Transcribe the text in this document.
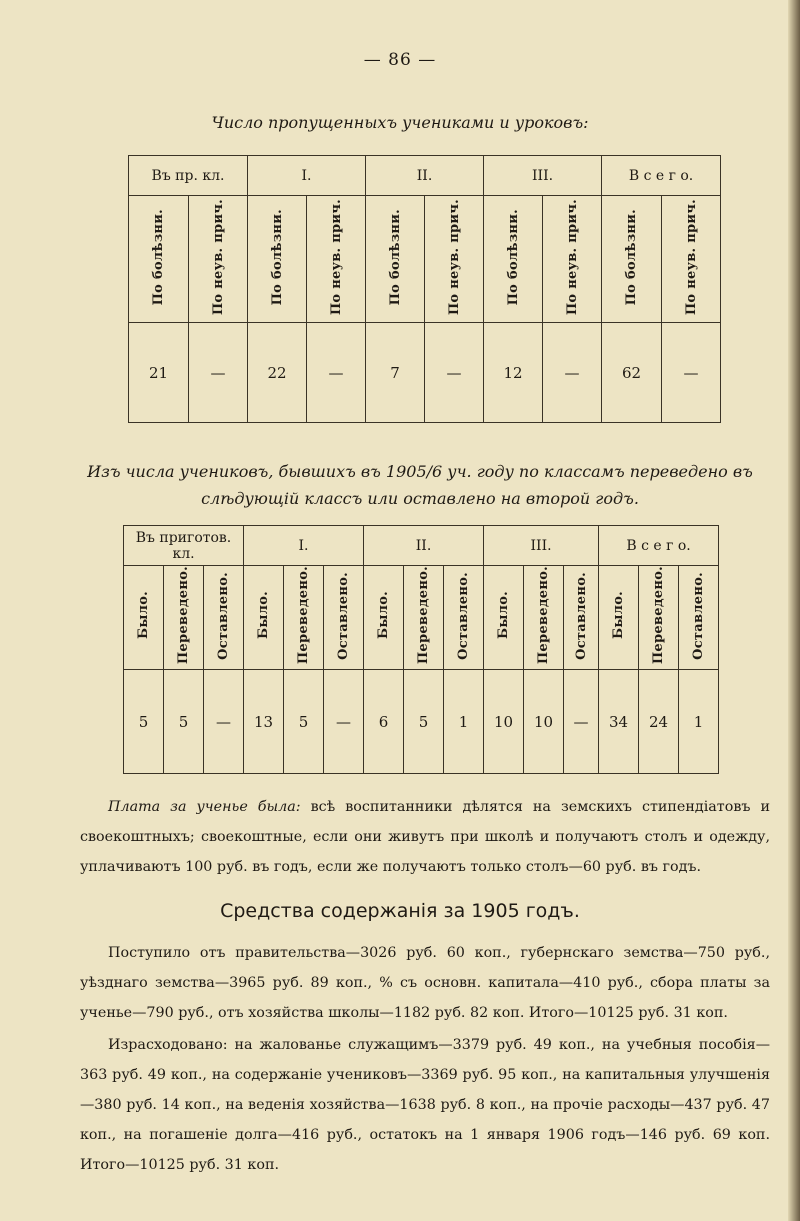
— 86 —
Число пропущенныхъ учениками и уроковъ:
Въ пр. кл.		I.		II.		III.		В с е г о.	
По болѣзни.	По неув. прич.	По болѣзни.	По неув. прич.	По болѣзни.	По неув. прич.	По болѣзни.	По неув. прич.	По болѣзни.	По неув. прич.
21	—	22	—	7	—	12	—	62	—
Изъ числа учениковъ, бывшихъ въ 1905/6 уч. году по классамъ переведено въ слѣдующій классъ или оставлено на второй годъ.
Въ приготов. кл.			I.			II.			III.			В с е г о.		
Было.	Переведено.	Оставлено.	Было.	Переведено.	Оставлено.	Было.	Переведено.	Оставлено.	Было.	Переведено.	Оставлено.	Было.	Переведено.	Оставлено.
5	5	—	13	5	—	6	5	1	10	10	—	34	24	1
Плата за ученье была: всѣ воспитанники дѣлятся на земскихъ стипендіатовъ и своекоштныхъ; своекоштные, если они живутъ при школѣ и получаютъ столъ и одежду, уплачиваютъ 100 руб. въ годъ, если же получаютъ только столъ—60 руб. въ годъ.
Средства содержанія за 1905 годъ.
Поступило отъ правительства—3026 руб. 60 коп., губернскаго земства—750 руб., уѣзднаго земства—3965 руб. 89 коп., % съ основн. капитала—410 руб., сбора платы за ученье—790 руб., отъ хозяйства школы—1182 руб. 82 коп. Итого—10125 руб. 31 коп.
Израсходовано: на жалованье служащимъ—3379 руб. 49 коп., на учебныя пособія—363 руб. 49 коп., на содержаніе учениковъ—3369 руб. 95 коп., на капитальныя улучшенія—380 руб. 14 коп., на веденія хозяйства—1638 руб. 8 коп., на прочіе расходы—437 руб. 47 коп., на погашеніе долга—416 руб., остатокъ на 1 января 1906 годъ—146 руб. 69 коп. Итого—10125 руб. 31 коп.
